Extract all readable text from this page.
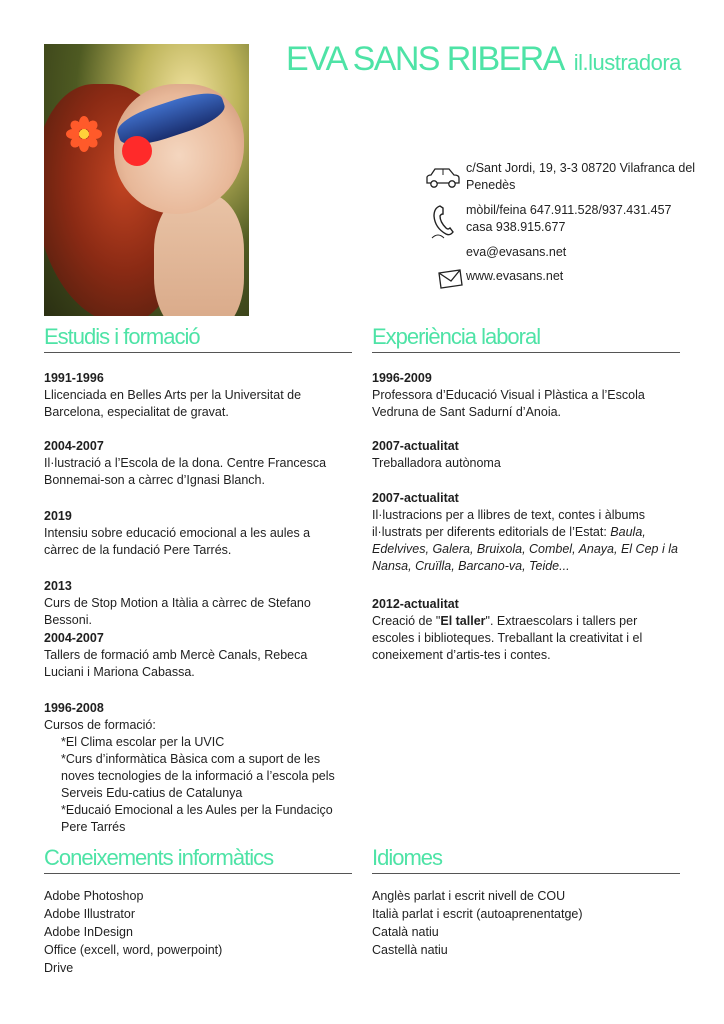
EVA SANS RIBERA il.lustradora
c/Sant Jordi, 19, 3-3 08720 Vilafranca del
Penedès
mòbil/feina 647.911.528/937.431.457
casa 938.915.677
eva@evasans.net
www.evasans.net
Estudis i formació
1991-1996
Llicenciada en Belles Arts per la Universitat de Barcelona, especialitat de gravat.
2004-2007
Il·lustració a l’Escola de la dona. Centre Francesca Bonnemai-son a càrrec d’Ignasi Blanch.
2019
Intensiu sobre educació emocional a les aules a càrrec de la fundació Pere Tarrés.
2013
Curs de Stop Motion a Itàlia a càrrec de Stefano Bessoni.
2004-2007
Tallers de formació amb Mercè Canals, Rebeca Luciani i Mariona Cabassa.
1996-2008
Cursos de formació:
*El Clima escolar per la UVIC
*Curs d’informàtica Bàsica com a suport de les noves tecnologies de la informació a l’escola pels Serveis Edu-catius de Catalunya
*Educaió Emocional a les Aules per la Fundaciço Pere Tarrés
Experiència laboral
1996-2009
Professora d’Educació Visual i Plàstica a l’Escola Vedruna de Sant Sadurní d’Anoia.
2007-actualitat
Treballadora autònoma
2007-actualitat
Il·lustracions per a llibres de text, contes i àlbums il·lustrats per diferents editorials de l’Estat: Baula, Edelvives, Galera, Bruixola, Combel, Anaya, El Cep i la Nansa, Cruïlla, Barcano-va, Teide...
2012-actualitat
Creació de "El taller". Extraescolars i tallers per escoles i biblioteques. Treballant la creativitat i el coneixement d’artis-tes i contes.
Coneixements informàtics
Adobe Photoshop
Adobe Illustrator
Adobe InDesign
Office (excell, word, powerpoint)
Drive
Idiomes
Anglès parlat i escrit nivell de COU
Italià parlat i escrit (autoaprenentatge)
Català natiu
Castellà natiu
